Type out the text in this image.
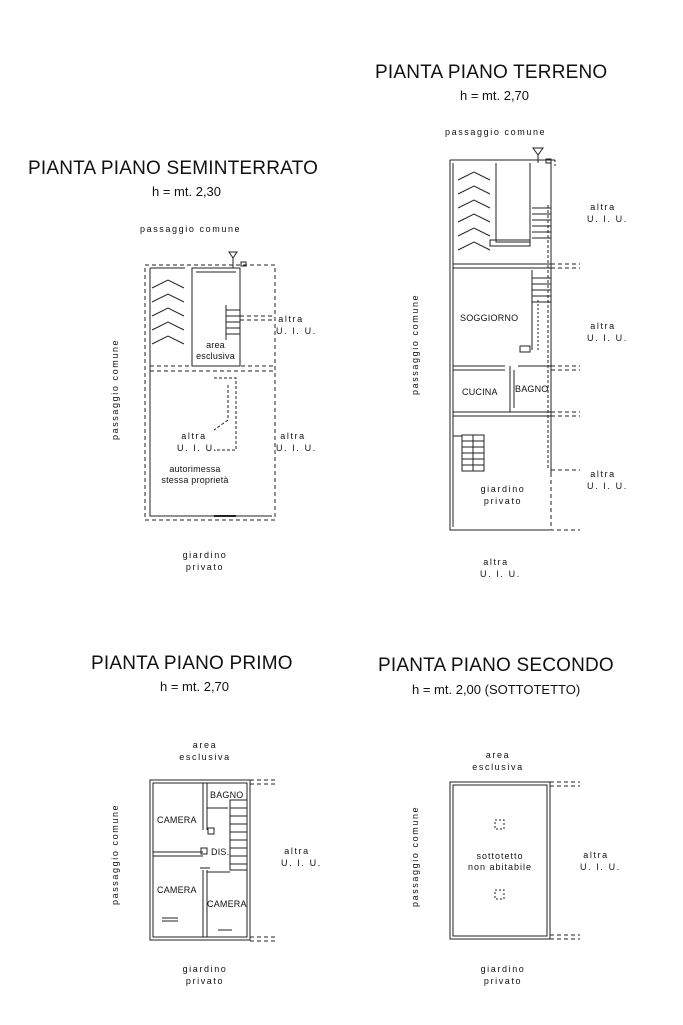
PIANTA PIANO SEMINTERRATO
h = mt. 2,30
passaggio comune
passaggio comune
altra
U. I. U.
area
esclusiva
altra
U. I. U.
altra
U. I. U.
autorimessa
stessa proprietà
giardino
privato
PIANTA PIANO TERRENO
h = mt. 2,70
passaggio comune
passaggio comune
altra
U. I. U.
SOGGIORNO
altra
U. I. U.
CUCINA BAGNO
altra
U. I. U.
giardino
privato
altra
U. I. U.
PIANTA PIANO PRIMO
h = mt. 2,70
area
esclusiva
passaggio comune	CAMERA
BAGNO
DIS.	altra
U. I. U.
CAMERA
CAMERA
giardino
privato
PIANTA PIANO SECONDO
h = mt. 2,00 (SOTTOTETTO)
area
esclusiva
passaggio comune	sottotetto
non abitabile
altra
U. I. U.
giardino
privato
